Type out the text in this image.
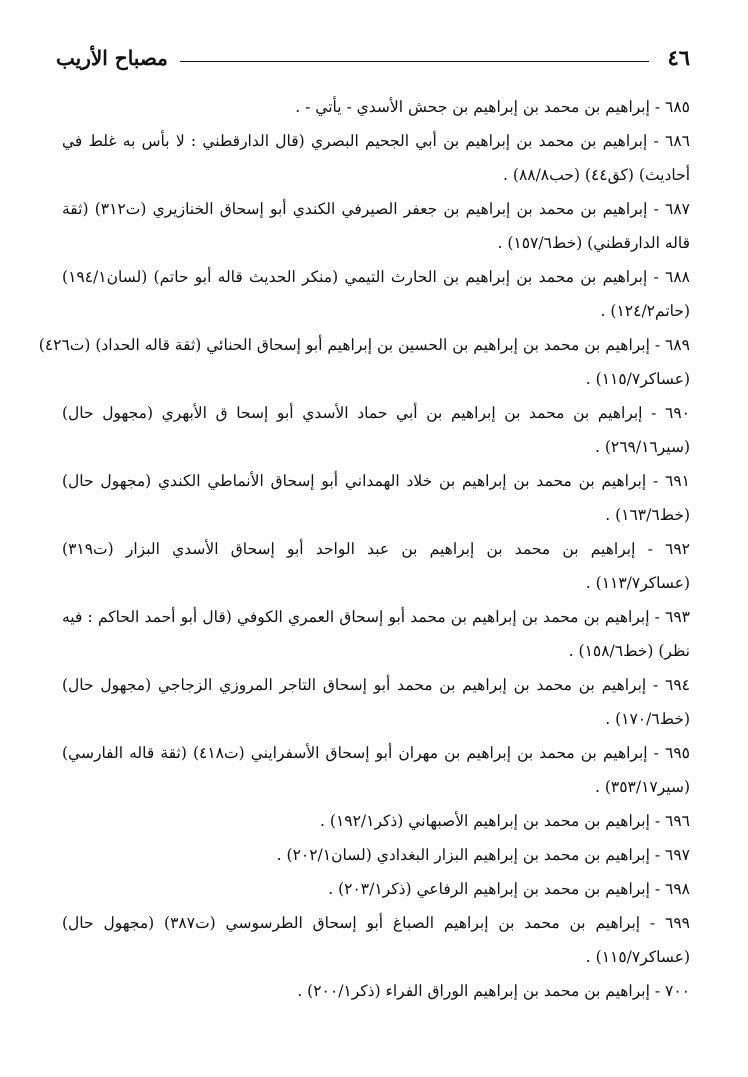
٤٦
مصباح الأريب
٦٨٥ - إبراهيم بن محمد بن إبراهيم بن جحش الأسدي - يأتي - .
٦٨٦ - إبراهيم بن محمد بن إبراهيم بن أبي الجحيم البصري (قال الدارقطني : لا بأس به غلط في
أحاديث) (كق٤٤) (حب٨٨/٨) .
٦٨٧ - إبراهيم بن محمد بن إبراهيم بن جعفر الصيرفي الكندي أبو إسحاق الخنازيري (ت٣١٢) (ثقة
قاله الدارقطني) (خط١٥٧/٦) .
٦٨٨ - إبراهيم بن محمد بن إبراهيم بن الحارث التيمي (منكر الحديث قاله أبو حاتم) (لسان١٩٤/١)
(حاتم١٢٤/٢) .
٦٨٩ - إبراهيم بن محمد بن إبراهيم بن الحسين بن إبراهيم أبو إسحاق الحنائي (ثقة قاله الحداد) (ت٤٢٦)
(عساكر١١٥/٧) .
٦٩٠ - إبراهيم بن محمد بن إبراهيم بن أبي حماد الأسدي أبو إسحا ق الأبهري (مجهول حال)
(سير٢٦٩/١٦) .
٦٩١ - إبراهيم بن محمد بن إبراهيم بن خلاد الهمداني أبو إسحاق الأنماطي الكندي (مجهول حال)
(خط١٦٣/٦) .
٦٩٢ - إبراهيم بن محمد بن إبراهيم بن عبد الواحد أبو إسحاق الأسدي البزار (ت٣١٩)
(عساكر١١٣/٧) .
٦٩٣ - إبراهيم بن محمد بن إبراهيم بن محمد أبو إسحاق العمري الكوفي (قال أبو أحمد الحاكم : فيه
نظر) (خط١٥٨/٦) .
٦٩٤ - إبراهيم بن محمد بن إبراهيم بن محمد أبو إسحاق التاجر المروزي الزجاجي (مجهول حال)
(خط١٧٠/٦) .
٦٩٥ - إبراهيم بن محمد بن إبراهيم بن مهران أبو إسحاق الأسفرايني (ت٤١٨) (ثقة قاله الفارسي)
(سير٣٥٣/١٧) .
٦٩٦ - إبراهيم بن محمد بن إبراهيم الأصبهاني (ذكر١٩٢/١) .
٦٩٧ - إبراهيم بن محمد بن إبراهيم البزار البغدادي (لسان٢٠٢/١) .
٦٩٨ - إبراهيم بن محمد بن إبراهيم الرفاعي (ذكر٢٠٣/١) .
٦٩٩ - إبراهيم بن محمد بن إبراهيم الصباغ أبو إسحاق الطرسوسي (ت٣٨٧) (مجهول حال)
(عساكر١١٥/٧) .
٧٠٠ - إبراهيم بن محمد بن إبراهيم الوراق الفراء (ذكر٢٠٠/١) .
